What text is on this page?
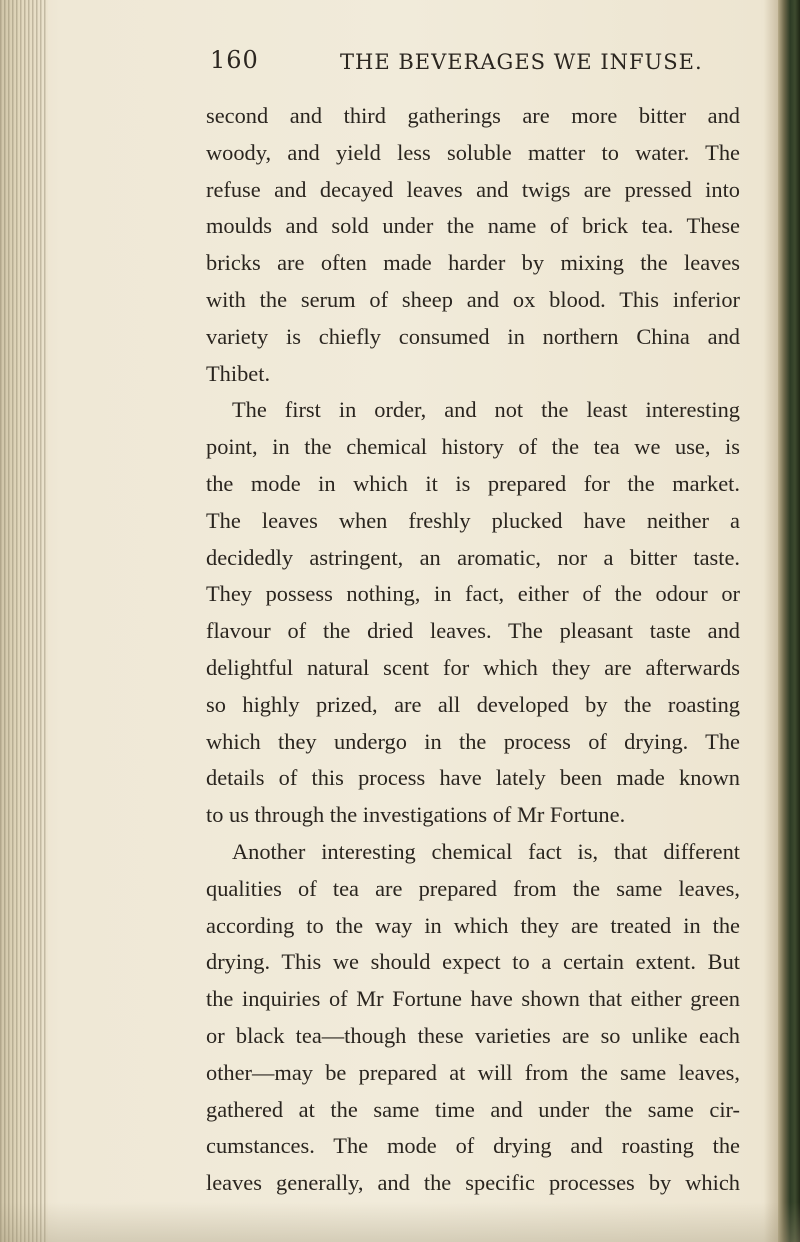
160	THE BEVERAGES WE INFUSE.
second and third gatherings are more bitter and
woody, and yield less soluble matter to water. The
refuse and decayed leaves and twigs are pressed into
moulds and sold under the name of brick tea. These
bricks are often made harder by mixing the leaves
with the serum of sheep and ox blood. This inferior
variety is chiefly consumed in northern China and
Thibet.
The first in order, and not the least interesting
point, in the chemical history of the tea we use, is
the mode in which it is prepared for the market.
The leaves when freshly plucked have neither a
decidedly astringent, an aromatic, nor a bitter taste.
They possess nothing, in fact, either of the odour or
flavour of the dried leaves. The pleasant taste and
delightful natural scent for which they are afterwards
so highly prized, are all developed by the roasting
which they undergo in the process of drying. The
details of this process have lately been made known
to us through the investigations of Mr Fortune.
Another interesting chemical fact is, that different
qualities of tea are prepared from the same leaves,
according to the way in which they are treated in the
drying. This we should expect to a certain extent. But
the inquiries of Mr Fortune have shown that either green
or black tea—though these varieties are so unlike each
other—may be prepared at will from the same leaves,
gathered at the same time and under the same cir-
cumstances. The mode of drying and roasting the
leaves generally, and the specific processes by which
